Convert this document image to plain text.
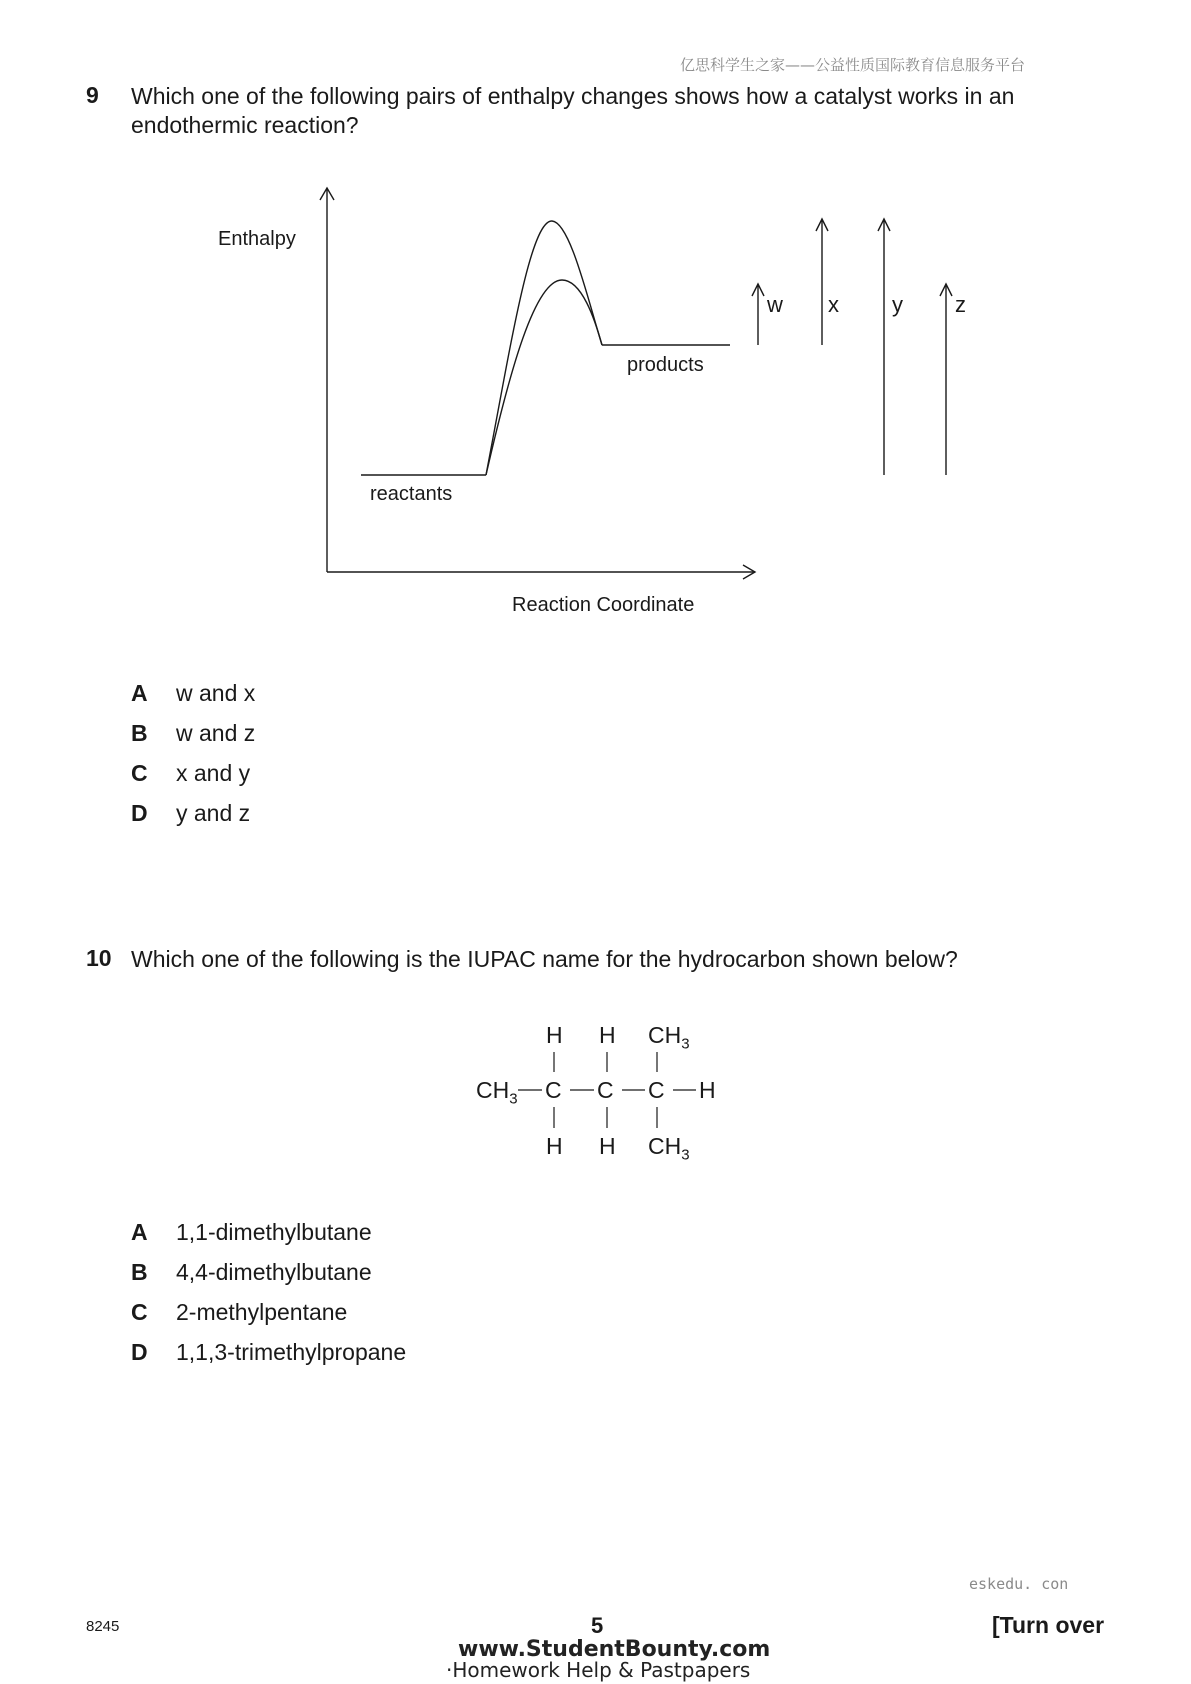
亿思科学生之家——公益性质国际教育信息服务平台
9 Which one of the following pairs of enthalpy changes shows how a catalyst works in an
endothermic reaction?
Enthalpy
Reaction Coordinate
reactants
products
w x y z
A w and x
B w and z
C x and y
D y and z
10 Which one of the following is the IUPAC name for the hydrocarbon shown below?
H H $CH_3$
$CH_3$ C C C H
H H $CH_3$
A 1,1-dimethylbutane
B 4,4-dimethylbutane
C 2-methylpentane
D 1,1,3-trimethylpropane
eskedu. con
8245	5	[Turn over
www.StudentBounty.com
·Homework Help & Pastpapers
